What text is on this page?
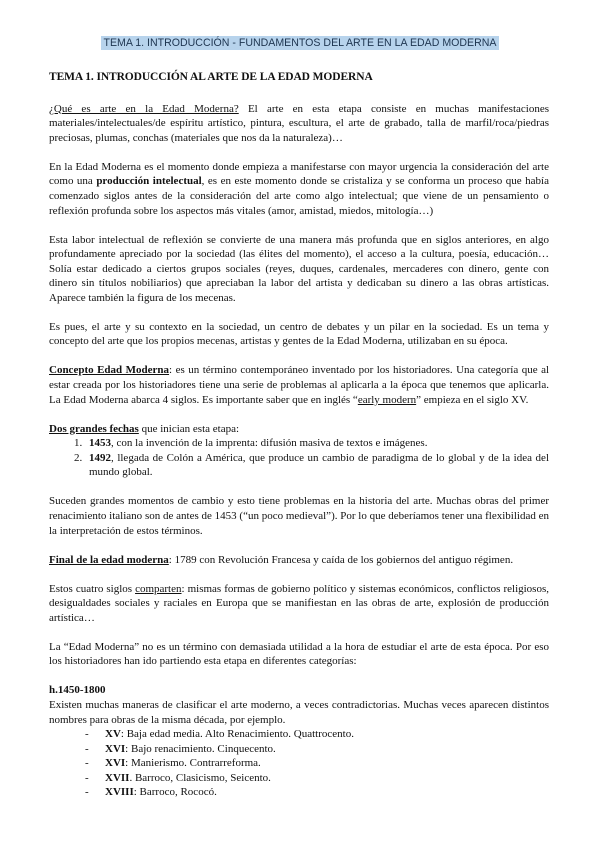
TEMA 1. INTRODUCCIÓN - FUNDAMENTOS DEL ARTE EN LA EDAD MODERNA
TEMA 1. INTRODUCCIÓN AL ARTE DE LA EDAD MODERNA

¿Qué es arte en la Edad Moderna? El arte en esta etapa consiste en muchas manifestaciones materiales/intelectuales/de espíritu artístico, pintura, escultura, el arte de grabado, talla de marfil/roca/piedras preciosas, plumas, conchas (materiales que nos da la naturaleza)…

En la Edad Moderna es el momento donde empieza a manifestarse con mayor urgencia la consideración del arte como una producción intelectual, es en este momento donde se cristaliza y se conforma un proceso que había comenzado siglos antes de la consideración del arte como algo intelectual; que viene de un pensamiento o reflexión profunda sobre los aspectos más vitales (amor, amistad, miedos, mitología…)

Esta labor intelectual de reflexión se convierte de una manera más profunda que en siglos anteriores, en algo profundamente apreciado por la sociedad (las élites del momento), el acceso a la cultura, poesía, educación… Solía estar dedicado a ciertos grupos sociales (reyes, duques, cardenales, mercaderes con dinero, gente con dinero sin títulos nobiliarios) que apreciaban la labor del artista y dedicaban su dinero a las obras artísticas. Aparece también la figura de los mecenas.

Es pues, el arte y su contexto en la sociedad, un centro de debates y un pilar en la sociedad. Es un tema y concepto del arte que los propios mecenas, artistas y gentes de la Edad Moderna, utilizaban en su época.

Concepto Edad Moderna: es un término contemporáneo inventado por los historiadores. Una categoría que al estar creada por los historiadores tiene una serie de problemas al aplicarla a la época que tenemos que aplicarla. La Edad Moderna abarca 4 siglos. Es importante saber que en inglés “early modern” empieza en el siglo XV.

Dos grandes fechas que inician esta etapa:

1. 1453, con la invención de la imprenta: difusión masiva de textos e imágenes.
2. 1492, llegada de Colón a América, que produce un cambio de paradigma de lo global y de la idea del mundo global.

Suceden grandes momentos de cambio y esto tiene problemas en la historia del arte. Muchas obras del primer renacimiento italiano son de antes de 1453 (“un poco medieval”). Por lo que deberíamos tener una flexibilidad en la interpretación de estos términos.

Final de la edad moderna: 1789 con Revolución Francesa y caída de los gobiernos del antiguo régimen.

Estos cuatro siglos comparten: mismas formas de gobierno político y sistemas económicos, conflictos religiosos, desigualdades sociales y raciales en Europa que se manifiestan en las obras de arte, explosión de producción artística…

La “Edad Moderna” no es un término con demasiada utilidad a la hora de estudiar el arte de esta época. Por eso los historiadores han ido partiendo esta etapa en diferentes categorías:

h.1450-1800

Existen muchas maneras de clasificar el arte moderno, a veces contradictorias. Muchas veces aparecen distintos nombres para obras de la misma década, por ejemplo.

- XV: Baja edad media. Alto Renacimiento. Quattrocento.
- XVI: Bajo renacimiento. Cinquecento.
- XVI: Manierismo. Contrarreforma.
- XVII. Barroco, Clasicismo, Seicento.
- XVIII: Barroco, Rococó.
